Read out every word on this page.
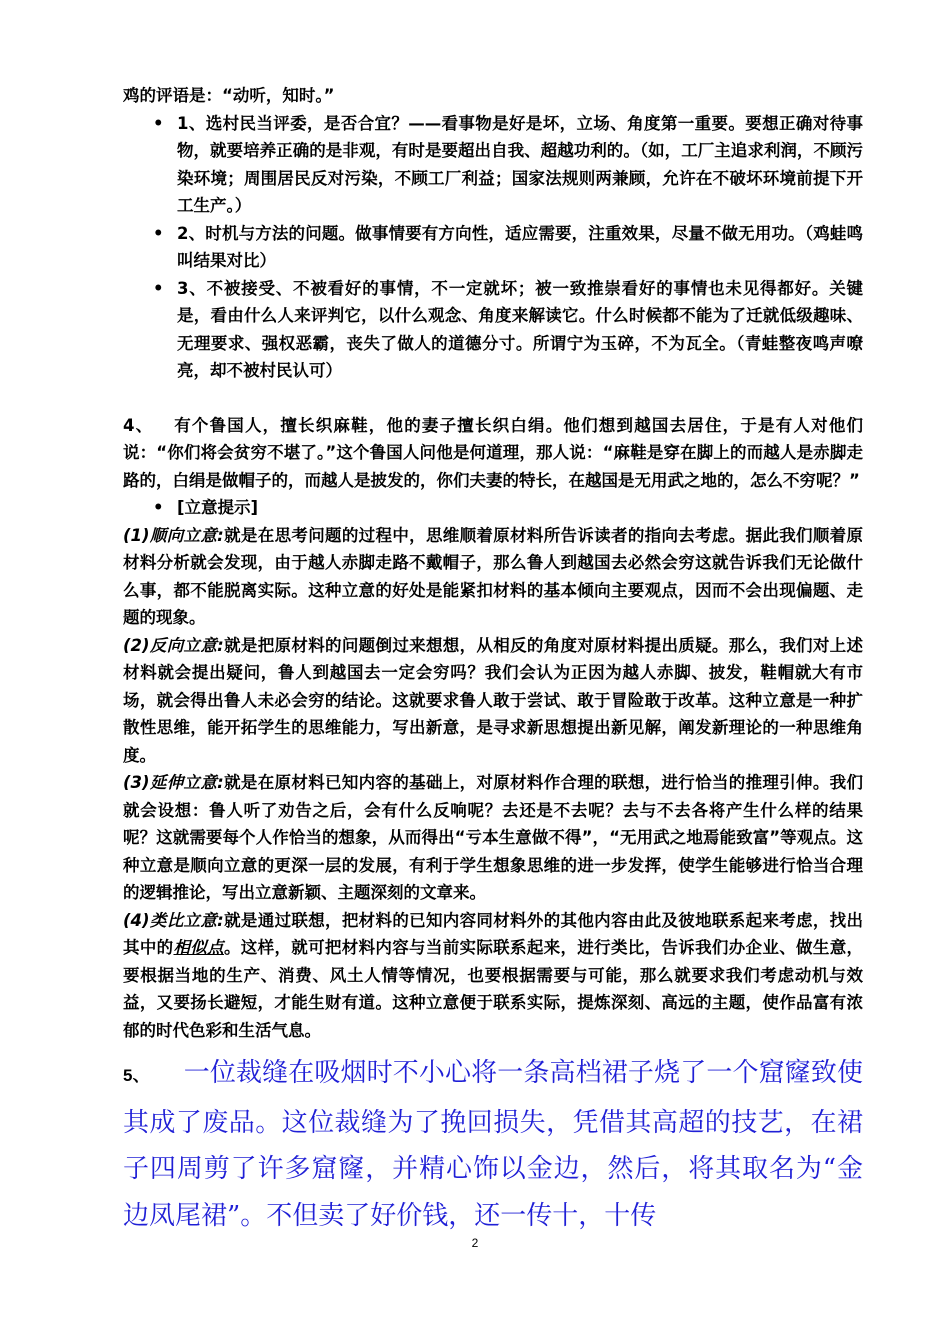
鸡的评语是：“动听，知时。”

• 1、选村民当评委，是否合宜？——看事物是好是坏，立场、角度第一重要。要想正确对待事物，就要培养正确的是非观，有时是要超出自我、超越功利的。（如，工厂主追求利润，不顾污染环境；周围居民反对污染，不顾工厂利益；国家法规则两兼顾，允许在不破坏环境前提下开工生产。）
• 2、时机与方法的问题。做事情要有方向性，适应需要，注重效果，尽量不做无用功。（鸡蛙鸣叫结果对比）
• 3、不被接受、不被看好的事情，不一定就坏；被一致推崇看好的事情也未见得都好。关键是，看由什么人来评判它，以什么观念、角度来解读它。什么时候都不能为了迁就低级趣味、无理要求、强权恶霸，丧失了做人的道德分寸。所谓宁为玉碎，不为瓦全。（青蛙整夜鸣声嘹亮，却不被村民认可）

4、 有个鲁国人，擅长织麻鞋，他的妻子擅长织白绢。他们想到越国去居住，于是有人对他们说：“你们将会贫穷不堪了。”这个鲁国人问他是何道理，那人说：“麻鞋是穿在脚上的而越人是赤脚走路的，白绢是做帽子的，而越人是披发的，你们夫妻的特长，在越国是无用武之地的，怎么不穷呢？”

• [立意提示]

(1)顺向立意:就是在思考问题的过程中，思维顺着原材料所告诉读者的指向去考虑。据此我们顺着原材料分析就会发现，由于越人赤脚走路不戴帽子，那么鲁人到越国去必然会穷这就告诉我们无论做什么事，都不能脱离实际。这种立意的好处是能紧扣材料的基本倾向主要观点，因而不会出现偏题、走题的现象。

(2)反向立意:就是把原材料的问题倒过来想想，从相反的角度对原材料提出质疑。那么，我们对上述材料就会提出疑问，鲁人到越国去一定会穷吗？我们会认为正因为越人赤脚、披发，鞋帽就大有市场，就会得出鲁人未必会穷的结论。这就要求鲁人敢于尝试、敢于冒险敢于改革。这种立意是一种扩散性思维，能开拓学生的思维能力，写出新意，是寻求新思想提出新见解，阐发新理论的一种思维角度。

(3)延伸立意:就是在原材料已知内容的基础上，对原材料作合理的联想，进行恰当的推理引伸。我们就会设想：鲁人听了劝告之后，会有什么反响呢？去还是不去呢？去与不去各将产生什么样的结果呢？这就需要每个人作恰当的想象，从而得出“亏本生意做不得”，“无用武之地焉能致富”等观点。这种立意是顺向立意的更深一层的发展，有利于学生想象思维的进一步发挥，使学生能够进行恰当合理的逻辑推论，写出立意新颖、主题深刻的文章来。

(4)类比立意:就是通过联想，把材料的已知内容同材料外的其他内容由此及彼地联系起来考虑，找出其中的相似点。这样，就可把材料内容与当前实际联系起来，进行类比，告诉我们办企业、做生意，要根据当地的生产、消费、风土人情等情况，也要根据需要与可能，那么就要求我们考虑动机与效益，又要扬长避短，才能生财有道。这种立意便于联系实际，提炼深刻、高远的主题，使作品富有浓郁的时代色彩和生活气息。

5、 一位裁缝在吸烟时不小心将一条高档裙子烧了一个窟窿致使其成了废品。这位裁缝为了挽回损失，凭借其高超的技艺，在裙子四周剪了许多窟窿，并精心饰以金边，然后，将其取名为“金边凤尾裙”。不但卖了好价钱，还一传十，十传

2
